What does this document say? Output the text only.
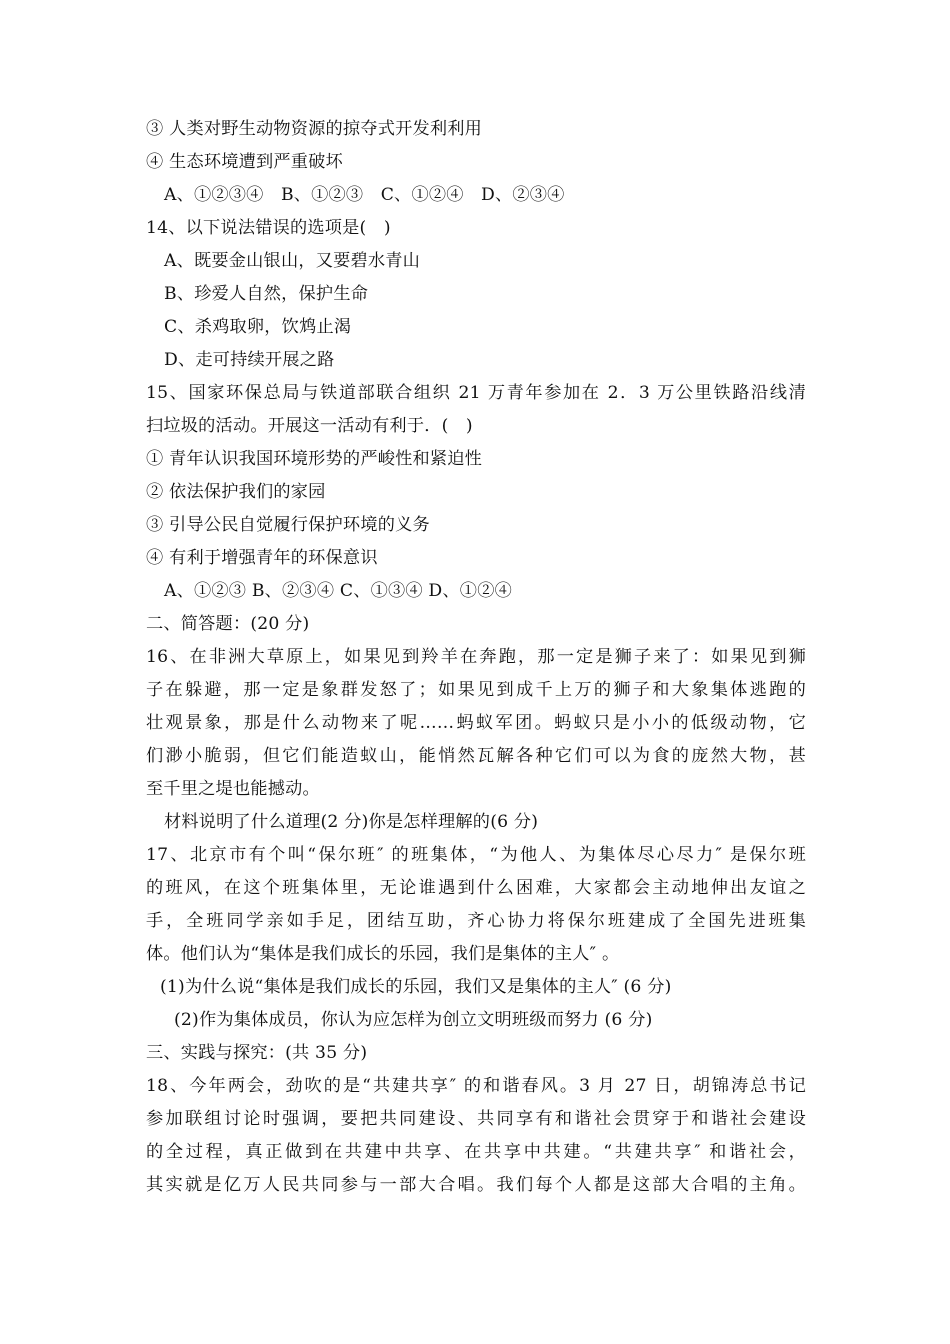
③ 人类对野生动物资源的掠夺式开发利利用
④ 生态环境遭到严重破坏
A、①②③④　B、①②③　C、①②④　D、②③④
14、以下说法错误的选项是(　)
A、既要金山银山，又要碧水青山
B、珍爱人自然，保护生命
C、杀鸡取卵，饮鸩止渴
D、走可持续开展之路
15、国家环保总局与铁道部联合组织 21 万青年参加在 2．3 万公里铁路沿线清
扫垃圾的活动。开展这一活动有利于．(　)
① 青年认识我国环境形势的严峻性和紧迫性
② 依法保护我们的家园
③ 引导公民自觉履行保护环境的义务
④ 有利于增强青年的环保意识
A、①②③ B、②③④ C、①③④ D、①②④
二、简答题：(20 分)
16、在非洲大草原上，如果见到羚羊在奔跑，那一定是狮子来了：如果见到狮
子在躲避，那一定是象群发怒了；如果见到成千上万的狮子和大象集体逃跑的
壮观景象，那是什么动物来了呢……蚂蚁军团。蚂蚁只是小小的低级动物，它
们渺小脆弱，但它们能造蚁山，能悄然瓦解各种它们可以为食的庞然大物，甚
至千里之堤也能撼动。
材料说明了什么道理(2 分)你是怎样理解的(6 分)
17、北京市有个叫“保尔班″ 的班集体，“为他人、为集体尽心尽力″ 是保尔班
的班风，在这个班集体里，无论谁遇到什么困难，大家都会主动地伸出友谊之
手，全班同学亲如手足，团结互助，齐心协力将保尔班建成了全国先进班集
体。他们认为“集体是我们成长的乐园，我们是集体的主人″ 。
(1)为什么说“集体是我们成长的乐园，我们又是集体的主人″ (6 分)
(2)作为集体成员，你认为应怎样为创立文明班级而努力 (6 分)
三、实践与探究：(共 35 分)
18、今年两会，劲吹的是“共建共享″ 的和谐春风。3 月 27 日，胡锦涛总书记
参加联组讨论时强调，要把共同建设、共同享有和谐社会贯穿于和谐社会建设
的全过程，真正做到在共建中共享、在共享中共建。“共建共享″ 和谐社会，
其实就是亿万人民共同参与一部大合唱。我们每个人都是这部大合唱的主角。
